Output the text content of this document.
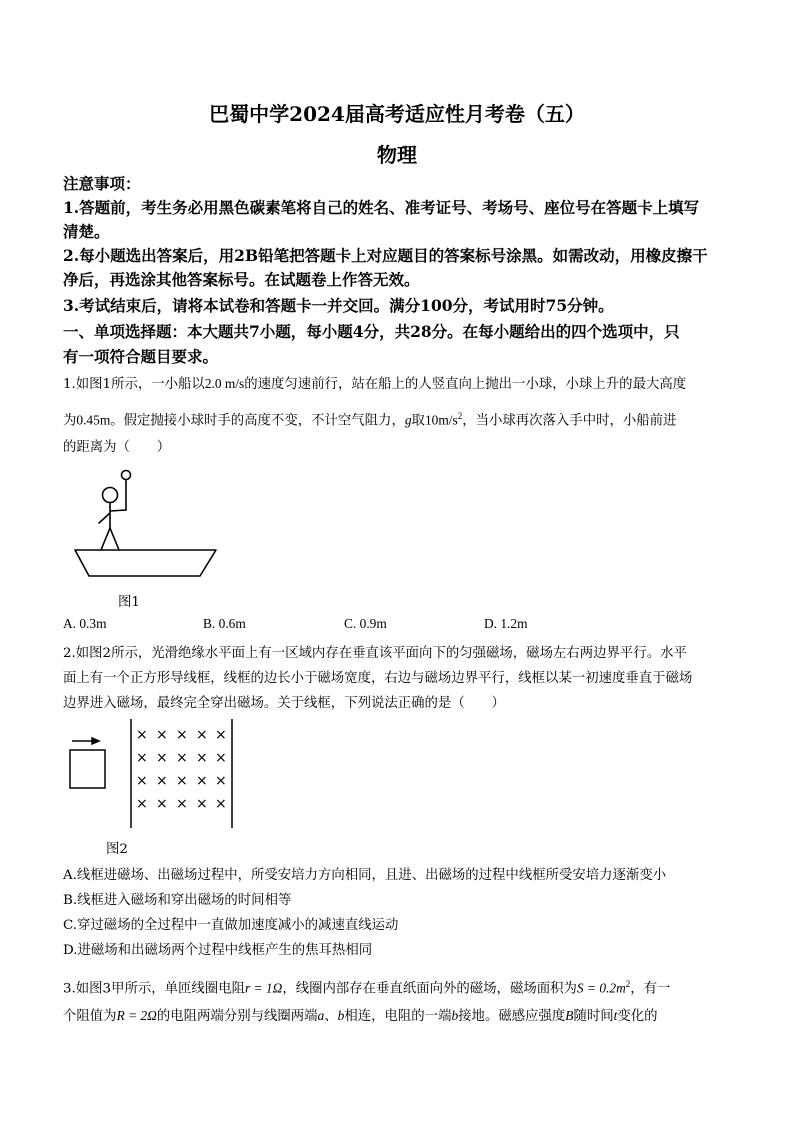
巴蜀中学2024届高考适应性月考卷（五）
物理
注意事项：
1.答题前，考生务必用黑色碳素笔将自己的姓名、准考证号、考场号、座位号在答题卡上填写
清楚。
2.每小题选出答案后，用2B铅笔把答题卡上对应题目的答案标号涂黑。如需改动，用橡皮擦干
净后，再选涂其他答案标号。在试题卷上作答无效。
3.考试结束后，请将本试卷和答题卡一并交回。满分100分，考试用时75分钟。
一、单项选择题：本大题共7小题，每小题4分，共28分。在每小题给出的四个选项中，只
有一项符合题目要求。
1.如图1所示，一小船以2.0 m/s的速度匀速前行，站在船上的人竖直向上抛出一小球，小球上升的最大高度
为0.45m。假定抛接小球时手的高度不变，不计空气阻力，g取$10m/s^2$，当小球再次落入手中时，小船前进
的距离为（　　）
图1
A. 0.3m	B. 0.6m	C. 0.9m	D. 1.2m
2.如图2所示，光滑绝缘水平面上有一区域内存在垂直该平面向下的匀强磁场，磁场左右两边界平行。水平
面上有一个正方形导线框，线框的边长小于磁场宽度，右边与磁场边界平行，线框以某一初速度垂直于磁场
边界进入磁场，最终完全穿出磁场。关于线框，下列说法正确的是（　　）
× × × × ×
× × × × ×
× × × × ×
× × × × ×
图2
A.线框进磁场、出磁场过程中，所受安培力方向相同，且进、出磁场的过程中线框所受安培力逐渐变小
B.线框进入磁场和穿出磁场的时间相等
C.穿过磁场的全过程中一直做加速度减小的减速直线运动
D.进磁场和出磁场两个过程中线框产生的焦耳热相同
3.如图3甲所示，单匝线圈电阻r = 1Ω，线圈内部存在垂直纸面向外的磁场，磁场面积为$S = 0.2m^2$，有一
个阻值为R = 2Ω的电阻两端分别与线圈两端a、b相连，电阻的一端b接地。磁感应强度B随时间t变化的
